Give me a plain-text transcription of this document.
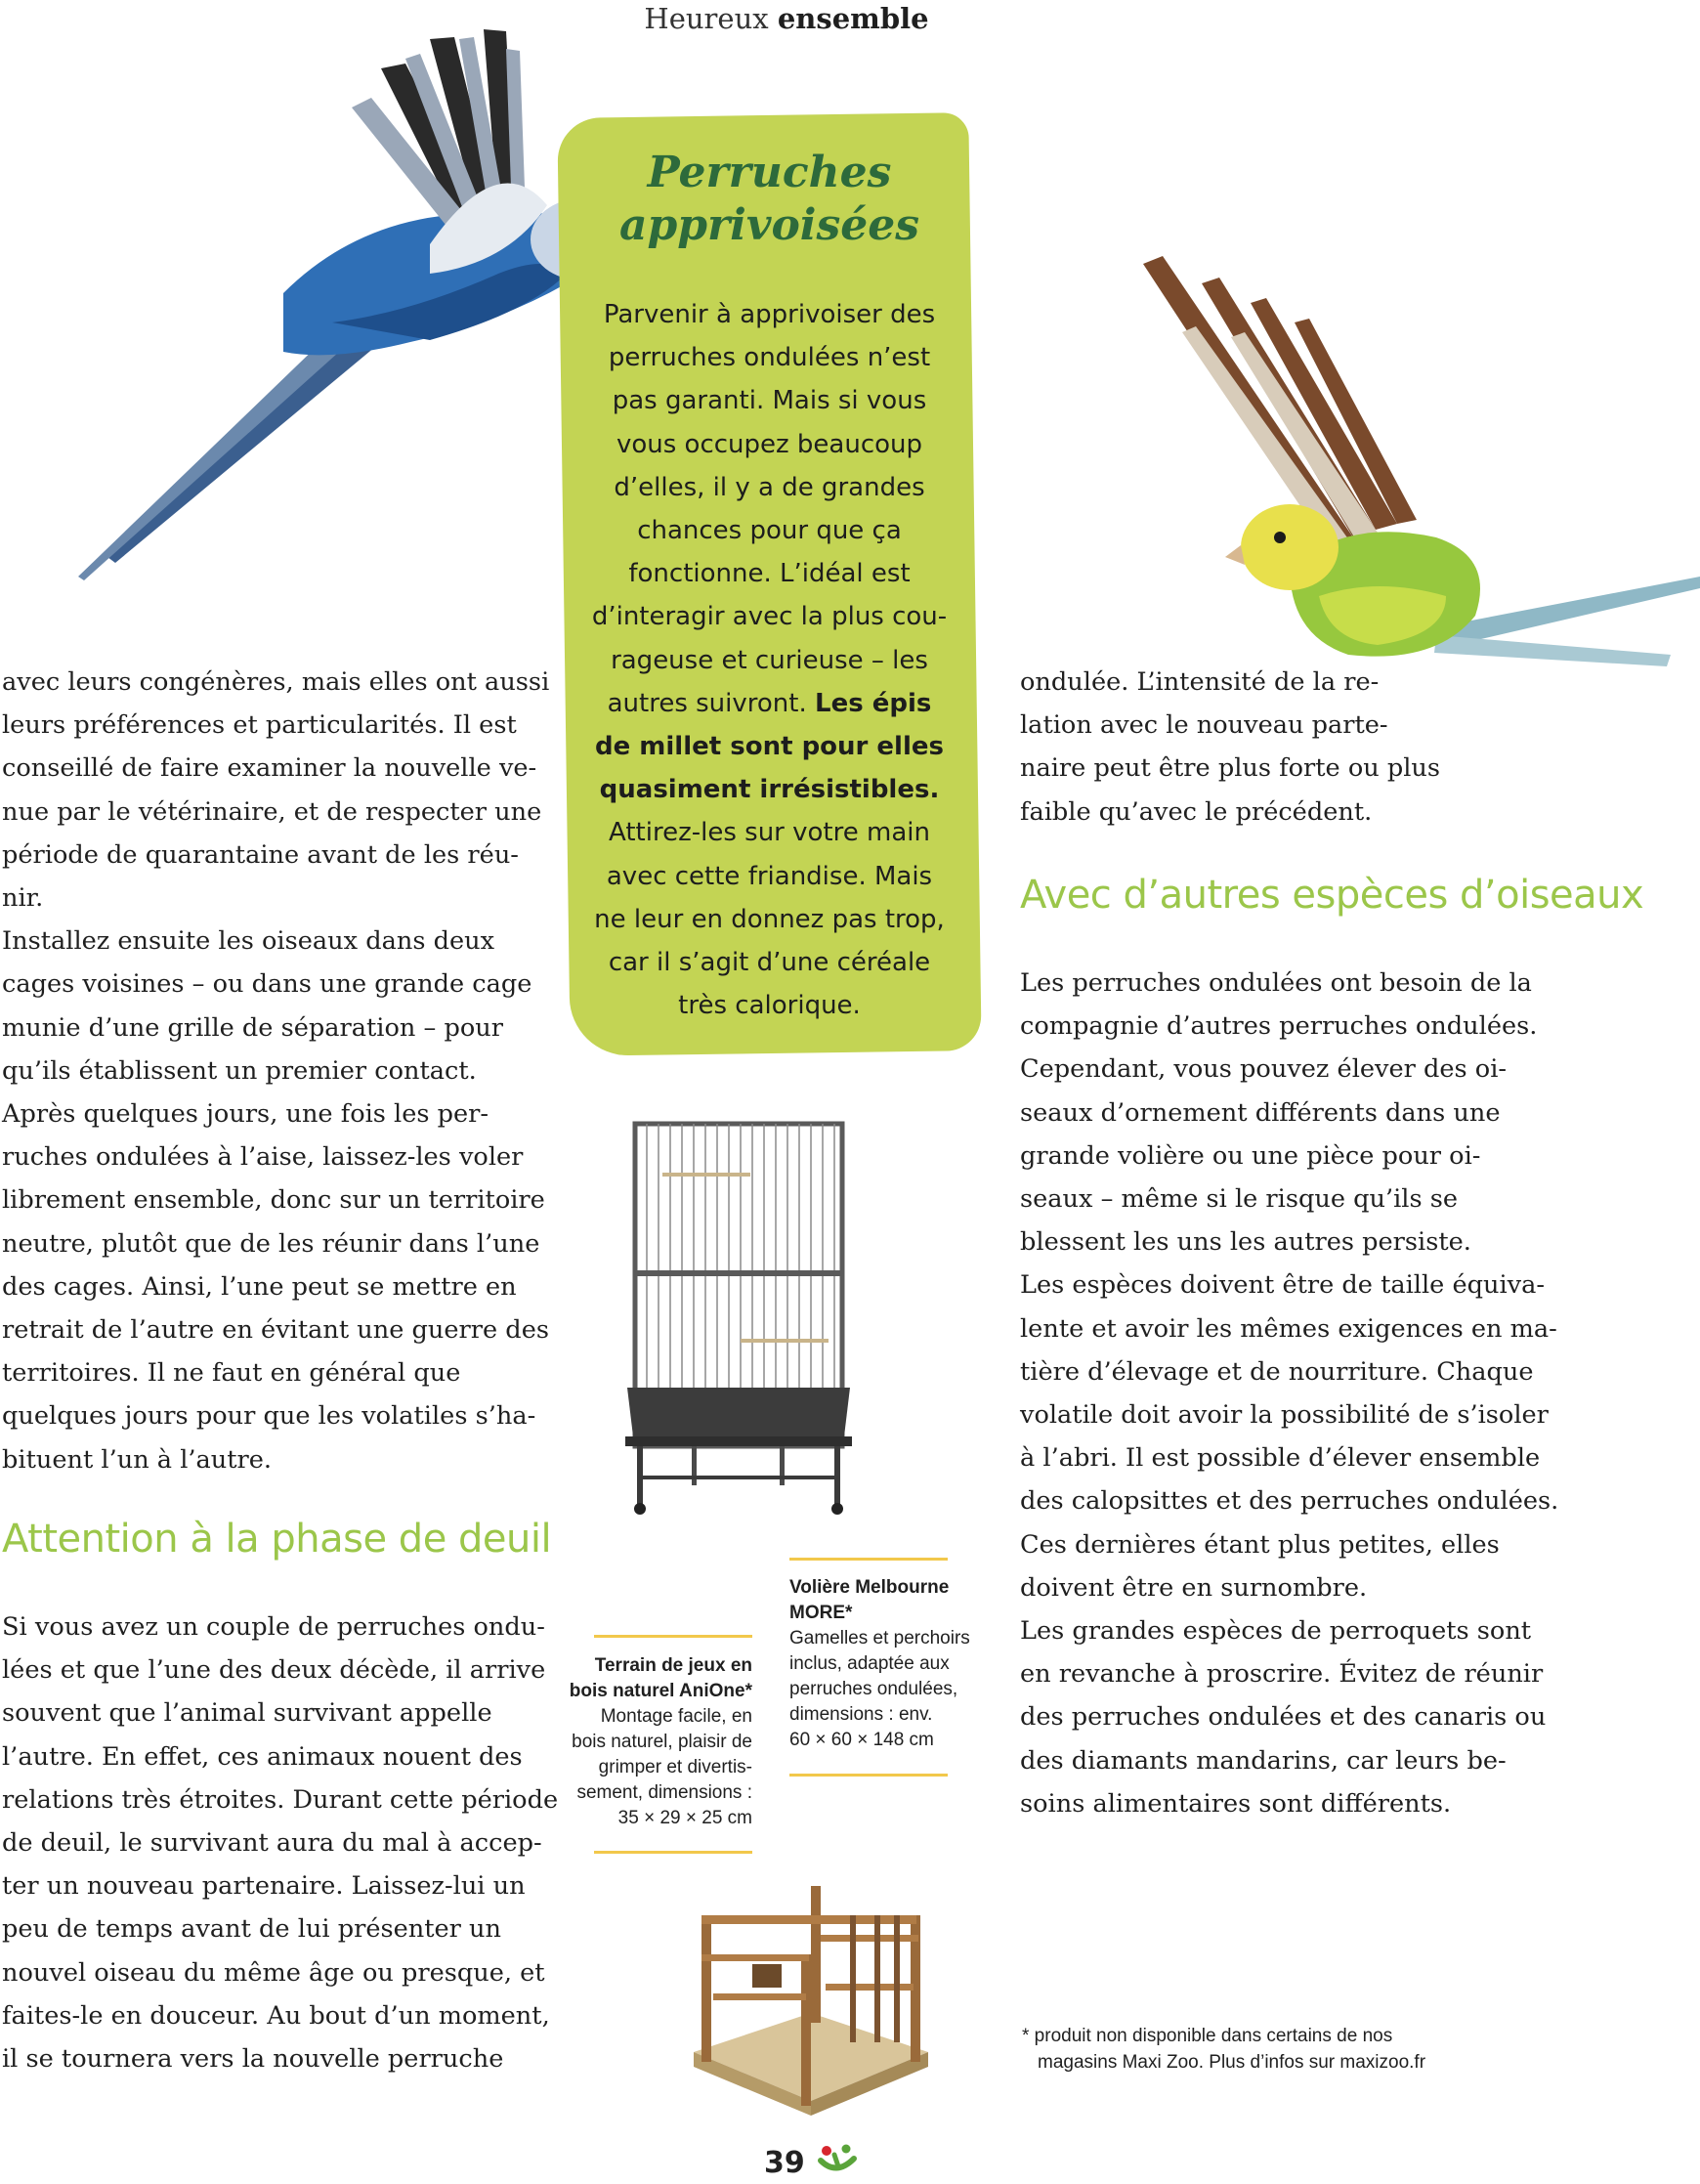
Heureux ensemble
avec leurs congénères, mais elles ont aussi
leurs préférences et particularités. Il est
conseillé de faire examiner la nouvelle ve-
nue par le vétérinaire, et de respecter une
période de quarantaine avant de les réu-
nir.
Installez ensuite les oiseaux dans deux
cages voisines – ou dans une grande cage
munie d’une grille de séparation – pour
qu’ils établissent un premier contact.
Après quelques jours, une fois les per-
ruches ondulées à l’aise, laissez-les voler
librement ensemble, donc sur un territoire
neutre, plutôt que de les réunir dans l’une
des cages. Ainsi, l’une peut se mettre en
retrait de l’autre en évitant une guerre des
territoires. Il ne faut en général que
quelques jours pour que les volatiles s’ha-
bituent l’un à l’autre.
Attention à la phase de deuil
Si vous avez un couple de perruches ondu-
lées et que l’une des deux décède, il arrive
souvent que l’animal survivant appelle
l’autre. En effet, ces animaux nouent des
relations très étroites. Durant cette période
de deuil, le survivant aura du mal à accep-
ter un nouveau partenaire. Laissez-lui un
peu de temps avant de lui présenter un
nouvel oiseau du même âge ou presque, et
faites-le en douceur. Au bout d’un moment,
il se tournera vers la nouvelle perruche
Perruches
apprivoisées
Parvenir à apprivoiser des
perruches ondulées n’est
pas garanti. Mais si vous
vous occupez beaucoup
d’elles, il y a de grandes
chances pour que ça
fonctionne. L’idéal est
d’interagir avec la plus cou-
rageuse et curieuse – les
autres suivront. Les épis
de millet sont pour elles
quasiment irrésistibles.
Attirez-les sur votre main
avec cette friandise. Mais
ne leur en donnez pas trop,
car il s’agit d’une céréale
très calorique.
Volière Melbourne
MORE*
Gamelles et perchoirs
inclus, adaptée aux
perruches ondulées,
dimensions : env.
60 × 60 × 148 cm
Terrain de jeux en
bois naturel AniOne*
Montage facile, en
bois naturel, plaisir de
grimper et divertis-
sement, dimensions :
35 × 29 × 25 cm
ondulée. L’intensité de la re-
lation avec le nouveau parte-
naire peut être plus forte ou plus
faible qu’avec le précédent.
Avec d’autres espèces d’oiseaux
Les perruches ondulées ont besoin de la
compagnie d’autres perruches ondulées.
Cependant, vous pouvez élever des oi-
seaux d’ornement différents dans une
grande volière ou une pièce pour oi-
seaux – même si le risque qu’ils se
blessent les uns les autres persiste.
Les espèces doivent être de taille équiva-
lente et avoir les mêmes exigences en ma-
tière d’élevage et de nourriture. Chaque
volatile doit avoir la possibilité de s’isoler
à l’abri. Il est possible d’élever ensemble
des calopsittes et des perruches ondulées.
Ces dernières étant plus petites, elles
doivent être en surnombre.
Les grandes espèces de perroquets sont
en revanche à proscrire. Évitez de réunir
des perruches ondulées et des canaris ou
des diamants mandarins, car leurs be-
soins alimentaires sont différents.
* produit non disponible dans certains de nos
magasins Maxi Zoo. Plus d’infos sur maxizoo.fr
39
